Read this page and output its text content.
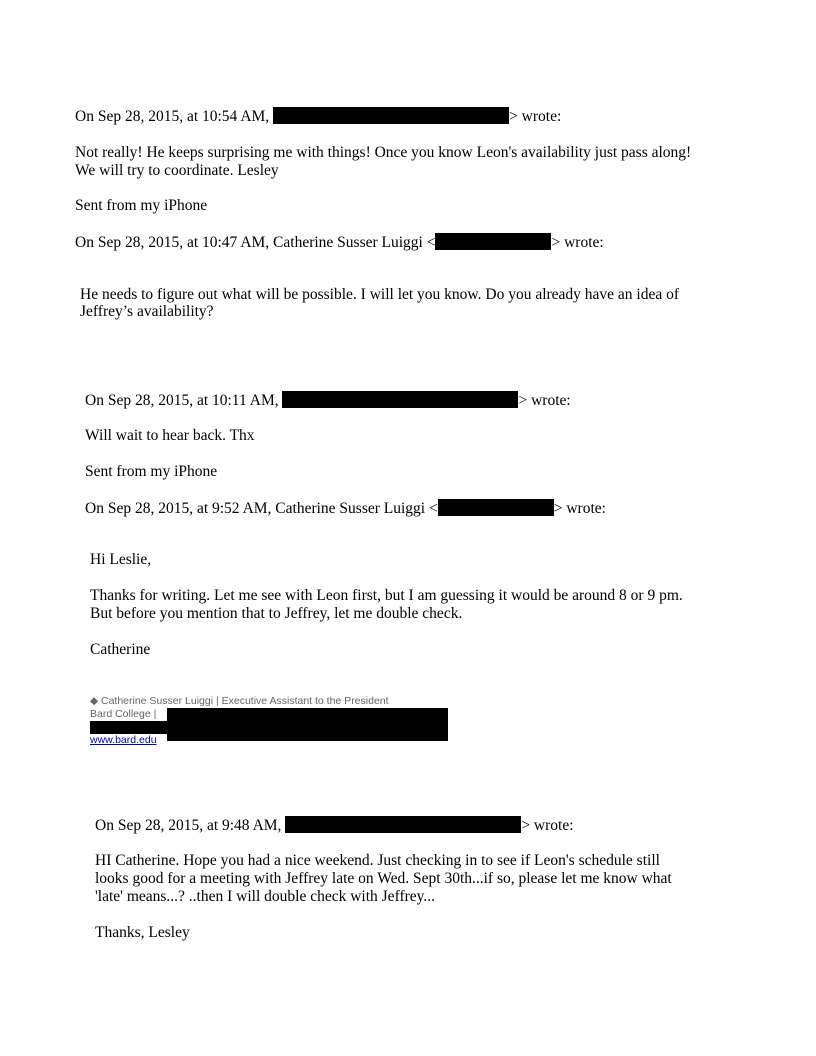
On Sep 28, 2015, at 10:54 AM,	> wrote:
Not really! He keeps surprising me with things! Once you know Leon's availability just pass along!
We will try to coordinate. Lesley
Sent from my iPhone
On Sep 28, 2015, at 10:47 AM, Catherine Susser Luiggi <	> wrote:
He needs to figure out what will be possible. I will let you know. Do you already have an idea of
Jeffrey’s availability?
On Sep 28, 2015, at 10:11 AM,	> wrote:
Will wait to hear back. Thx
Sent from my iPhone
On Sep 28, 2015, at 9:52 AM, Catherine Susser Luiggi <	> wrote:
Hi Leslie,
Thanks for writing. Let me see with Leon first, but I am guessing it would be around 8 or 9 pm.
But before you mention that to Jeffrey, let me double check.
Catherine
◆ Catherine Susser Luiggi | Executive Assistant to the President
Bard College |
www.bard.edu
On Sep 28, 2015, at 9:48 AM,	> wrote:
HI Catherine. Hope you had a nice weekend. Just checking in to see if Leon's schedule still
looks good for a meeting with Jeffrey late on Wed. Sept 30th...if so, please let me know what
'late' means...? ..then I will double check with Jeffrey...
Thanks, Lesley
